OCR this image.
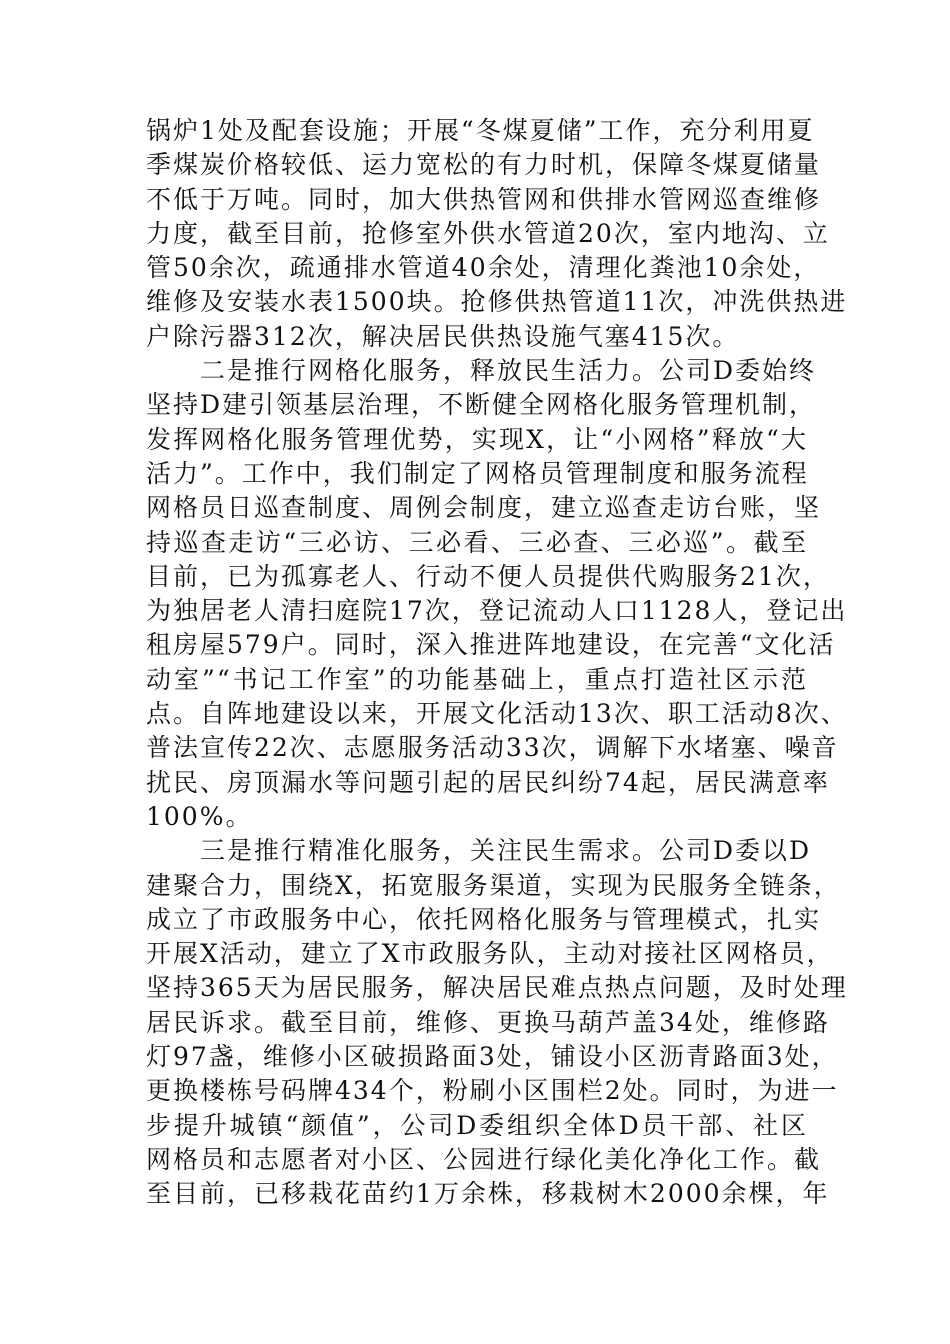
锅炉1处及配套设施；开展“冬煤夏储”工作，充分利用夏
季煤炭价格较低、运力宽松的有力时机，保障冬煤夏储量
不低于万吨。同时，加大供热管网和供排水管网巡查维修
力度，截至目前，抢修室外供水管道20次，室内地沟、立
管50余次，疏通排水管道40余处，清理化粪池10余处，
维修及安装水表1500块。抢修供热管道11次，冲洗供热进
户除污器312次，解决居民供热设施气塞415次。
二是推行网格化服务，释放民生活力。公司D委始终
坚持D建引领基层治理，不断健全网格化服务管理机制，
发挥网格化服务管理优势，实现X，让“小网格”释放“大
活力”。工作中，我们制定了网格员管理制度和服务流程
网格员日巡查制度、周例会制度，建立巡查走访台账，坚
持巡查走访“三必访、三必看、三必查、三必巡”。截至
目前，已为孤寡老人、行动不便人员提供代购服务21次，
为独居老人清扫庭院17次，登记流动人口1128人，登记出
租房屋579户。同时，深入推进阵地建设，在完善“文化活
动室”“书记工作室”的功能基础上，重点打造社区示范
点。自阵地建设以来，开展文化活动13次、职工活动8次、
普法宣传22次、志愿服务活动33次，调解下水堵塞、噪音
扰民、房顶漏水等问题引起的居民纠纷74起，居民满意率
100%。
三是推行精准化服务，关注民生需求。公司D委以D
建聚合力，围绕X，拓宽服务渠道，实现为民服务全链条，
成立了市政服务中心，依托网格化服务与管理模式，扎实
开展X活动，建立了X市政服务队，主动对接社区网格员，
坚持365天为居民服务，解决居民难点热点问题，及时处理
居民诉求。截至目前，维修、更换马葫芦盖34处，维修路
灯97盏，维修小区破损路面3处，铺设小区沥青路面3处，
更换楼栋号码牌434个，粉刷小区围栏2处。同时，为进一
步提升城镇“颜值”，公司D委组织全体D员干部、社区
网格员和志愿者对小区、公园进行绿化美化净化工作。截
至目前，已移栽花苗约1万余株，移栽树木2000余棵，年
